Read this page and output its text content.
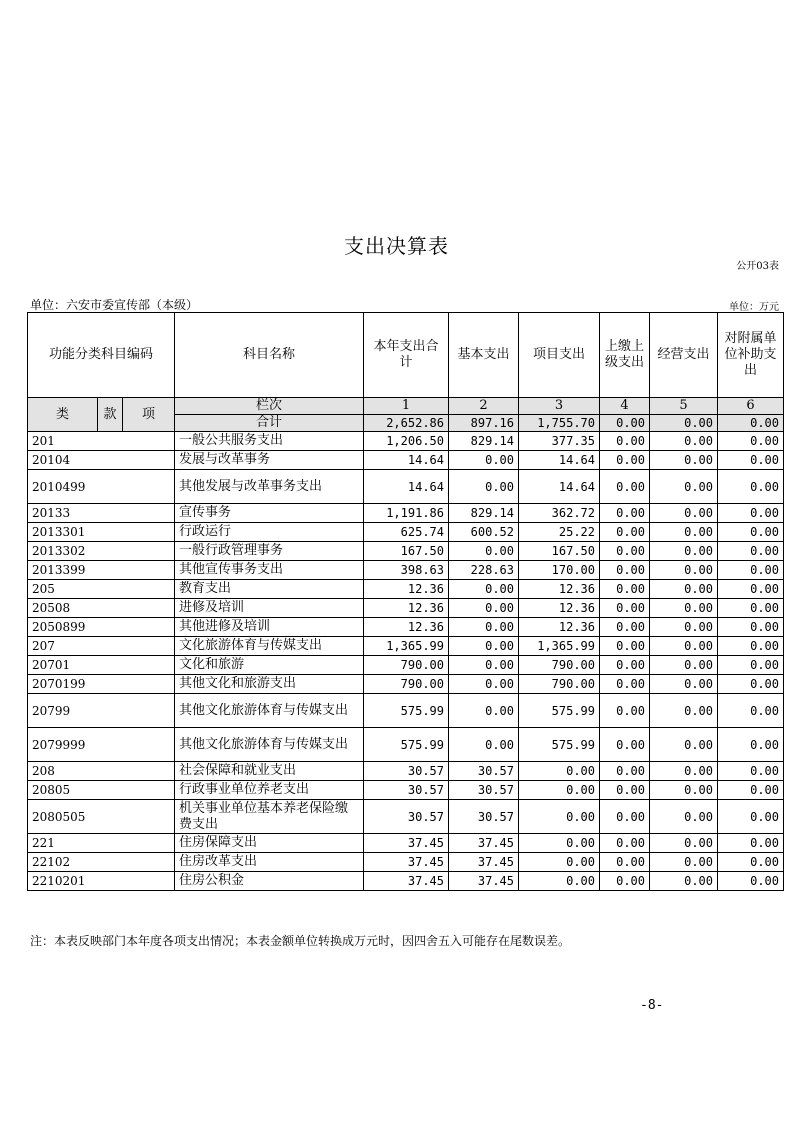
支出决算表
公开03表
单位：六安市委宣传部（本级）	单位：万元
功能分类科目编码			科目名称	本年支出合计	基本支出	项目支出	上缴上级支出	经营支出	对附属单位补助支出
类	款	项	栏次	1	2	3	4	5	6
			合计	2,652.86	897.16	1,755.70	0.00	0.00	0.00
201			一般公共服务支出	1,206.50	829.14	377.35	0.00	0.00	0.00
20104			发展与改革事务	14.64	0.00	14.64	0.00	0.00	0.00
2010499			其他发展与改革事务支出	14.64	0.00	14.64	0.00	0.00	0.00
20133			宣传事务	1,191.86	829.14	362.72	0.00	0.00	0.00
2013301			行政运行	625.74	600.52	25.22	0.00	0.00	0.00
2013302			一般行政管理事务	167.50	0.00	167.50	0.00	0.00	0.00
2013399			其他宣传事务支出	398.63	228.63	170.00	0.00	0.00	0.00
205			教育支出	12.36	0.00	12.36	0.00	0.00	0.00
20508			进修及培训	12.36	0.00	12.36	0.00	0.00	0.00
2050899			其他进修及培训	12.36	0.00	12.36	0.00	0.00	0.00
207			文化旅游体育与传媒支出	1,365.99	0.00	1,365.99	0.00	0.00	0.00
20701			文化和旅游	790.00	0.00	790.00	0.00	0.00	0.00
2070199			其他文化和旅游支出	790.00	0.00	790.00	0.00	0.00	0.00
20799			其他文化旅游体育与传媒支出	575.99	0.00	575.99	0.00	0.00	0.00
2079999			其他文化旅游体育与传媒支出	575.99	0.00	575.99	0.00	0.00	0.00
208			社会保障和就业支出	30.57	30.57	0.00	0.00	0.00	0.00
20805			行政事业单位养老支出	30.57	30.57	0.00	0.00	0.00	0.00
2080505			机关事业单位基本养老保险缴费支出	30.57	30.57	0.00	0.00	0.00	0.00
221			住房保障支出	37.45	37.45	0.00	0.00	0.00	0.00
22102			住房改革支出	37.45	37.45	0.00	0.00	0.00	0.00
2210201			住房公积金	37.45	37.45	0.00	0.00	0.00	0.00
注：本表反映部门本年度各项支出情况；本表金额单位转换成万元时，因四舍五入可能存在尾数误差。
-8-
